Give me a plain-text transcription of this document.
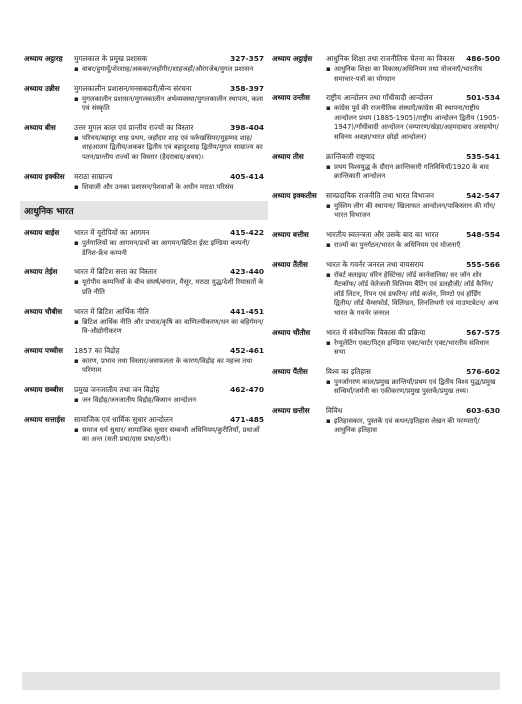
अध्याय अट्ठारह	मुगलकाल के प्रमुख प्रशासक	327-357
▪ बाबर/हुमायूँ/शेरशाह/अकबर/जहाँगीर/शाहजहाँ/औरंगजेब/मुगल प्रशासन
अध्याय उन्नीस	मुगलकालीन प्रशासन/मनसबदारी/सैन्य संरचना	358-397
▪ मुगलकालीन प्रशासन/मुगलकालीन अर्थव्यवस्था/मुगलकालीन स्थापत्य, कला एवं संस्कृति
अध्याय बीस	उत्तर मुगल काल एवं प्रान्तीय राज्यों का विस्तार	398-404
▪ परिचय/बहादुर शाह प्रथम, जहाँदार शाह एवं फर्रुखसियर/मुहम्मद शाह/शाहआलम द्वितीय/अकबर द्वितीय एवं बहादुरशाह द्वितीय/मुगल साम्राज्य का पतन/प्रान्तीय राज्यों का विस्तार (हैदराबाद/अवध)।
अध्याय इक्कीस	मराठा साम्राज्य	405-414
▪ शिवाजी और उनका प्रशासन/पेशवाओं के अधीन मराठा परिसंघ
आधुनिक भारत
अध्याय बाईस	भारत में यूरोपियों का आगमन	415-422
▪ पुर्तगालियों का आगमन/डचों का आगमन/ब्रिटिश ईस्ट इण्डिया कम्पनी/डेनिश-फ्रेंच कम्पनी
अध्याय तेईस	भारत में ब्रिटिश सत्ता का विस्तार	423-440
▪ यूरोपीय कम्पनियों के बीच संघर्ष/बंगाल, मैसूर, मराठा युद्ध/देशी रियासतों के प्रति नीति
अध्याय चौबीस	भारत में ब्रिटिश आर्थिक नीति	441-451
▪ ब्रिटिश आर्थिक नीति और प्रभाव/कृषि का वाणिज्यीकरण/धन का बहिर्गमन/वि-औद्योगीकरण
अध्याय पच्चीस	1857 का विद्रोह	452-461
▪ कारण, प्रभाव तथा विस्तार/असफलता के कारण/विद्रोह का महत्त्व तथा परिणाम
अध्याय छब्बीस	प्रमुख जनजातीय तथा जन विद्रोह	462-470
▪ जन विद्रोह/जनजातीय विद्रोह/किसान आन्दोलन
अध्याय सत्ताईस	सामाजिक एवं धार्मिक सुधार आन्दोलन	471-485
▪ समाज धर्म सुधार/ सामाजिक सुधार सम्बन्धी अधिनियम/कुरीतियाँ, प्रथाओं का अन्त (सती प्रथा/दास प्रथा/ठगी)।
अध्याय अट्ठाईस	आधुनिक शिक्षा तथा राजनीतिक चेतना का विकास	486-500
▪ आधुनिक शिक्षा का विकास/अधिनियम तथा योजनाएँ/भारतीय समाचार-पत्रों का योगदान
अध्याय उन्तीस	राष्ट्रीय आन्दोलन तथा गाँधीवादी आन्दोलन	501-534
▪ कांग्रेस पूर्व की राजनीतिक संस्थाएँ/कांग्रेस की स्थापना/राष्ट्रीय आन्दोलन प्रथम (1885-1905)/राष्ट्रीय आन्दोलन द्वितीय (1905-1947)/गाँधीवादी आन्दोलन (चम्पारण/खेड़ा/अहमदाबाद असहयोग/सविनय अवज्ञा/भारत छोड़ो आन्दोलन)
अध्याय तीस	क्रान्तिकारी राष्ट्रवाद	535-541
▪ प्रथम विश्वयुद्ध के दौरान क्रान्तिकारी गतिविधियाँ/1920 के बाद क्रान्तिकारी आन्दोलन
अध्याय इक्कतीस	साम्प्रदायिक राजनीति तथा भारत विभाजन	542-547
▪ मुस्लिम लीग की स्थापना/ खिलाफत आन्दोलन/पाकिस्तान की माँग/ भारत विभाजन
अध्याय बत्तीस	भारतीय स्वतन्त्रता और उसके बाद का भारत	548-554
▪ राज्यों का पुनर्गठन/भारत के अधिनियम एवं योजनाएँ
अध्याय तैंतीस	भारत के गवर्नर जनरल तथा वायसराय	555-566
▪ रॉबर्ट क्लाइव/ वॉरेन हेस्टिंग्स/ लॉर्ड कार्नवालिस/ सर जॉन शोर मैटकॉफ/ लॉर्ड वेलेजली विलियम बैंटिंग एवं डलहौजी/ लॉर्ड कैनिंग/ लॉर्ड लिटन, रिपन एवं डफरिन/ लॉर्ड कर्जन, मिण्टो एवं हॉर्डिंग द्वितीय/ लॉर्ड चैम्सफोर्ड, विलिंग्डन, लिनलिथगो एवं माउण्टबेटन/ अन्य भारत के गवर्नर जनरल
अध्याय चौंतीस	भारत में संवैधानिक विकास की प्रक्रिया	567-575
▪ रेग्यूलेटिंग एक्ट/पिट्स इण्डिया एक्ट/चार्टर एक्ट/भारतीय संविधान सभा
अध्याय पैंतीस	विश्व का इतिहास	576-602
▪ पुनर्जागरण काल/प्रमुख क्रान्तियाँ/प्रथम एवं द्वितीय विश्व युद्ध/प्रमुख सन्धियाँ/जर्मनी का एकीकरण/प्रमुख पुस्तकें/प्रमुख तथ्य।
अध्याय छत्तीस	विविध	603-630
▪ इतिहासकार, पुस्तकें एवं कथन/इतिहास लेखन की परम्पराएँ/आधुनिक इतिहास
